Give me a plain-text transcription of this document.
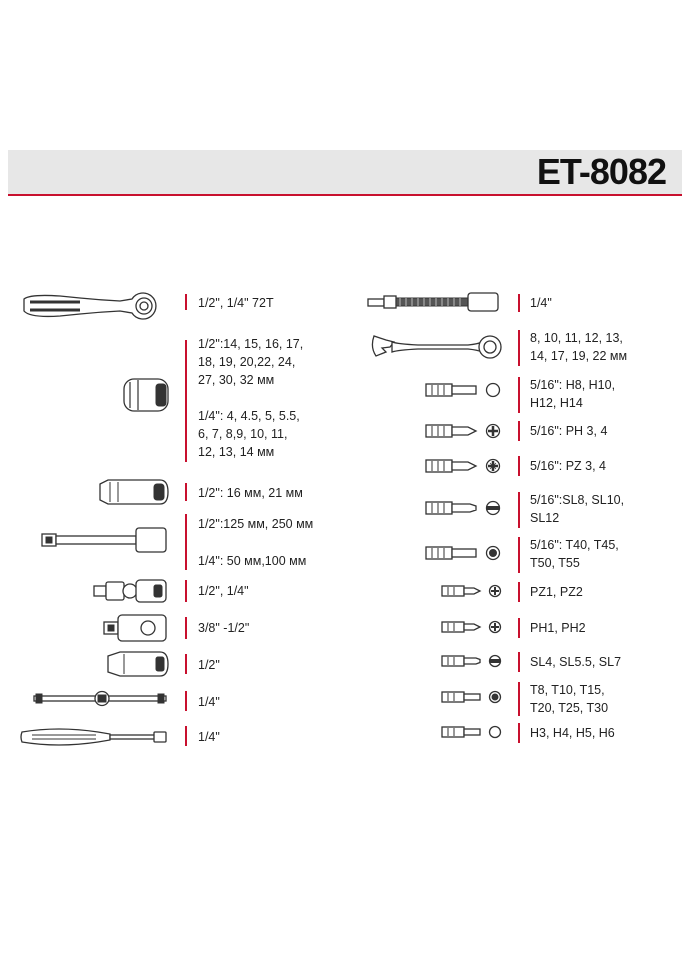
ET-8082
1/2", 1/4" 72T
1/2":14, 15, 16, 17,
18, 19, 20,22, 24,
27, 30, 32 мм
1/4": 4, 4.5, 5, 5.5,
6, 7, 8,9, 10, 11,
12, 13, 14 мм
1/2": 16 мм, 21 мм
1/2":125 мм, 250 мм
1/4": 50 мм,100 мм
1/2", 1/4"
3/8" -1/2"
1/2"
1/4"
1/4"
1/4"
8, 10, 11, 12, 13,
14, 17, 19, 22 мм
5/16": H8, H10,
H12, H14
5/16": PH 3, 4
5/16": PZ 3, 4
5/16":SL8, SL10,
SL12
5/16": T40, T45,
T50, T55
PZ1, PZ2
PH1, PH2
SL4, SL5.5, SL7
T8, T10, T15,
T20, T25, T30
H3, H4, H5, H6
